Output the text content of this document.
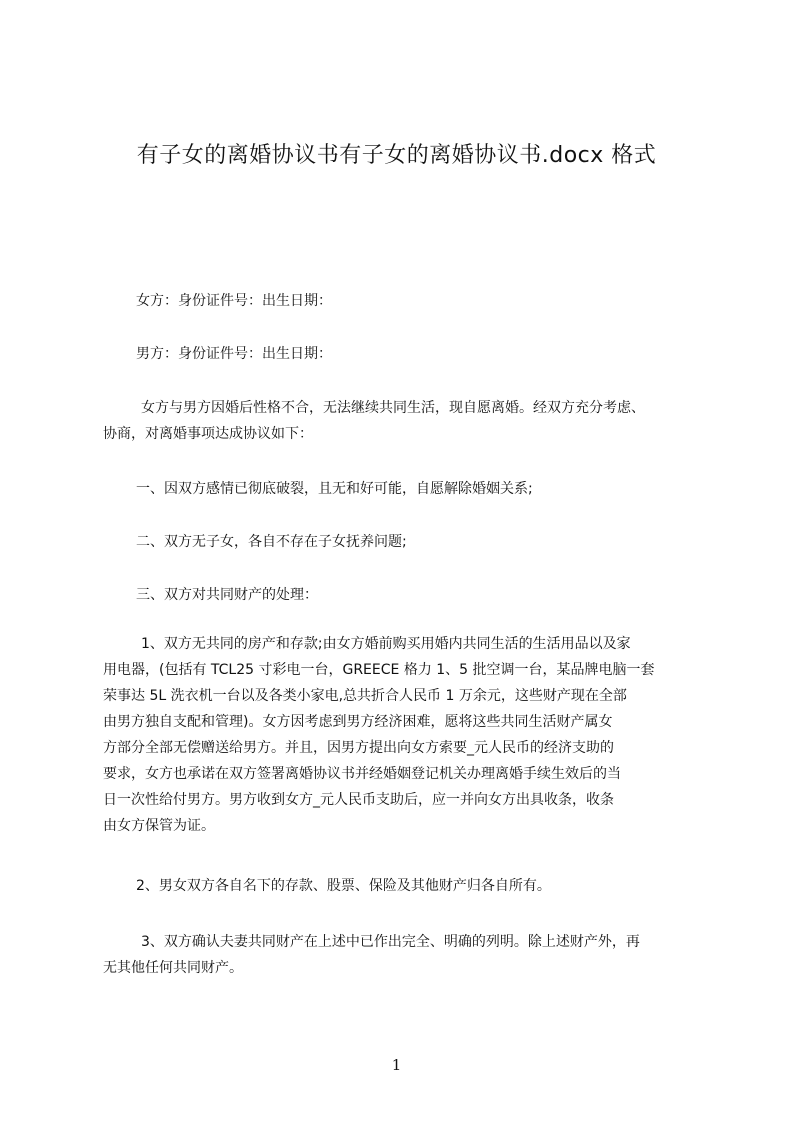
有子女的离婚协议书有子女的离婚协议书.docx 格式

女方：身份证件号：出生日期：

男方：身份证件号：出生日期：

女方与男方因婚后性格不合，无法继续共同生活，现自愿离婚。经双方充分考虑、
协商，对离婚事项达成协议如下：

一、因双方感情已彻底破裂，且无和好可能，自愿解除婚姻关系;

二、双方无子女，各自不存在子女抚养问题;

三、双方对共同财产的处理：

1、双方无共同的房产和存款;由女方婚前购买用婚内共同生活的生活用品以及家
用电器，(包括有 TCL25 寸彩电一台，GREECE 格力 1、5 批空调一台，某品牌电脑一套
荣事达 5L 洗衣机一台以及各类小家电,总共折合人民币 1 万余元，这些财产现在全部
由男方独自支配和管理)。女方因考虑到男方经济困难，愿将这些共同生活财产属女
方部分全部无偿赠送给男方。并且，因男方提出向女方索要_元人民币的经济支助的
要求，女方也承诺在双方签署离婚协议书并经婚姻登记机关办理离婚手续生效后的当
日一次性给付男方。男方收到女方_元人民币支助后，应一并向女方出具收条，收条
由女方保管为证。

2、男女双方各自名下的存款、股票、保险及其他财产归各自所有。

3、双方确认夫妻共同财产在上述中已作出完全、明确的列明。除上述财产外，再
无其他任何共同财产。
1
